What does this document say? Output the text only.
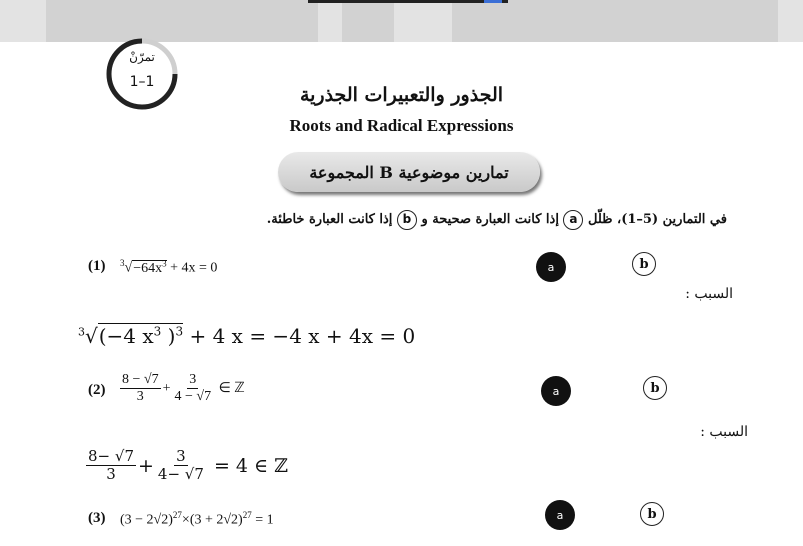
تمرّنْ
1–1
الجذور والتعبيرات الجذرية
Roots and Radical Expressions
المجموعة B تمارين موضوعية
في التمارين (5–1)، ظلّل a إذا كانت العبارة صحيحة و b إذا كانت العبارة خاطئة.
(1) $^3√-64x^3 + 4x = 0$	a	b
السبب :
$^3$√(−4 $x^3$ )$^3$ + 4 x = −4 x + 4x = 0
$(2) \frac{8 - √7}{3} + \frac{3}{4 - √7}$ ∈ ℤ	a	b
السبب :
$\frac{8- √7}{3} + \frac{3}{4- √7} = 4$ ∈ ℤ
(3) $(3 - 2√2)^{27}\times(3 + 2√2)^{27} = 1$	a	b
